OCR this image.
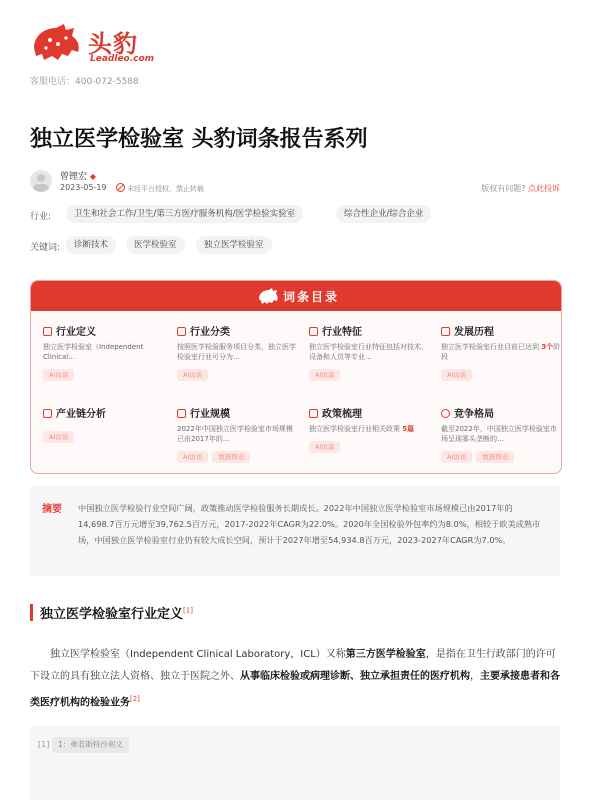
头豹
Leadleo.com
客服电话：400-072-5588
独立医学检验室 头豹词条报告系列
曾锂宏 ◆
2023-05-19	未经平台授权，禁止转载	版权有问题? 点此投诉
行业:	卫生和社会工作/卫生/第三方医疗服务机构/医学检验实验室	综合性企业/综合企业
关键词:	诊断技术	医学检验室	独立医学检验室
词条目录
行业定义
独立医学检验室（Independent Clinical...
AI访谈
行业分类
按照医学检验服务项目分类，独立医学检验室行业可分为...
AI访谈
行业特征
独立医学检验室行业特征包括对技术、设备和人员等专业...
AI访谈
发展历程
独立医学检验室行业目前已达到 3个阶段
AI访谈
产业链分析
AI访谈
行业规模
2022年中国独立医学检验室市场规模已由2017年的...
AI访谈 数据图表
政策梳理
独立医学检验室行业相关政策 5篇
AI访谈
竞争格局
截至2022年，中国独立医学检验室市场呈现寡头垄断的...
AI访谈 数据图表
摘要 中国独立医学检验行业空间广阔，政策推动医学检验服务长期成长。2022年中国独立医学检验室市场规模已由2017年的14,698.7百万元增至39,762.5百万元，2017-2022年CAGR为22.0%。2020年全国检验外包率约为8.0%，相较于欧美成熟市场，中国独立医学检验室行业仍有较大成长空间，预计于2027年增至54,934.8百万元，2023-2027年CAGR为7.0%。
独立医学检验室行业定义[1]
独立医学检验室（Independent Clinical Laboratory，ICL）又称第三方医学检验室，是指在卫生行政部门的许可下设立的具有独立法人资格、独立于医院之外、从事临床检验或病理诊断、独立承担责任的医疗机构，主要承接患者和各类医疗机构的检验业务[2]
[1]	1：弗若斯特沙利文
